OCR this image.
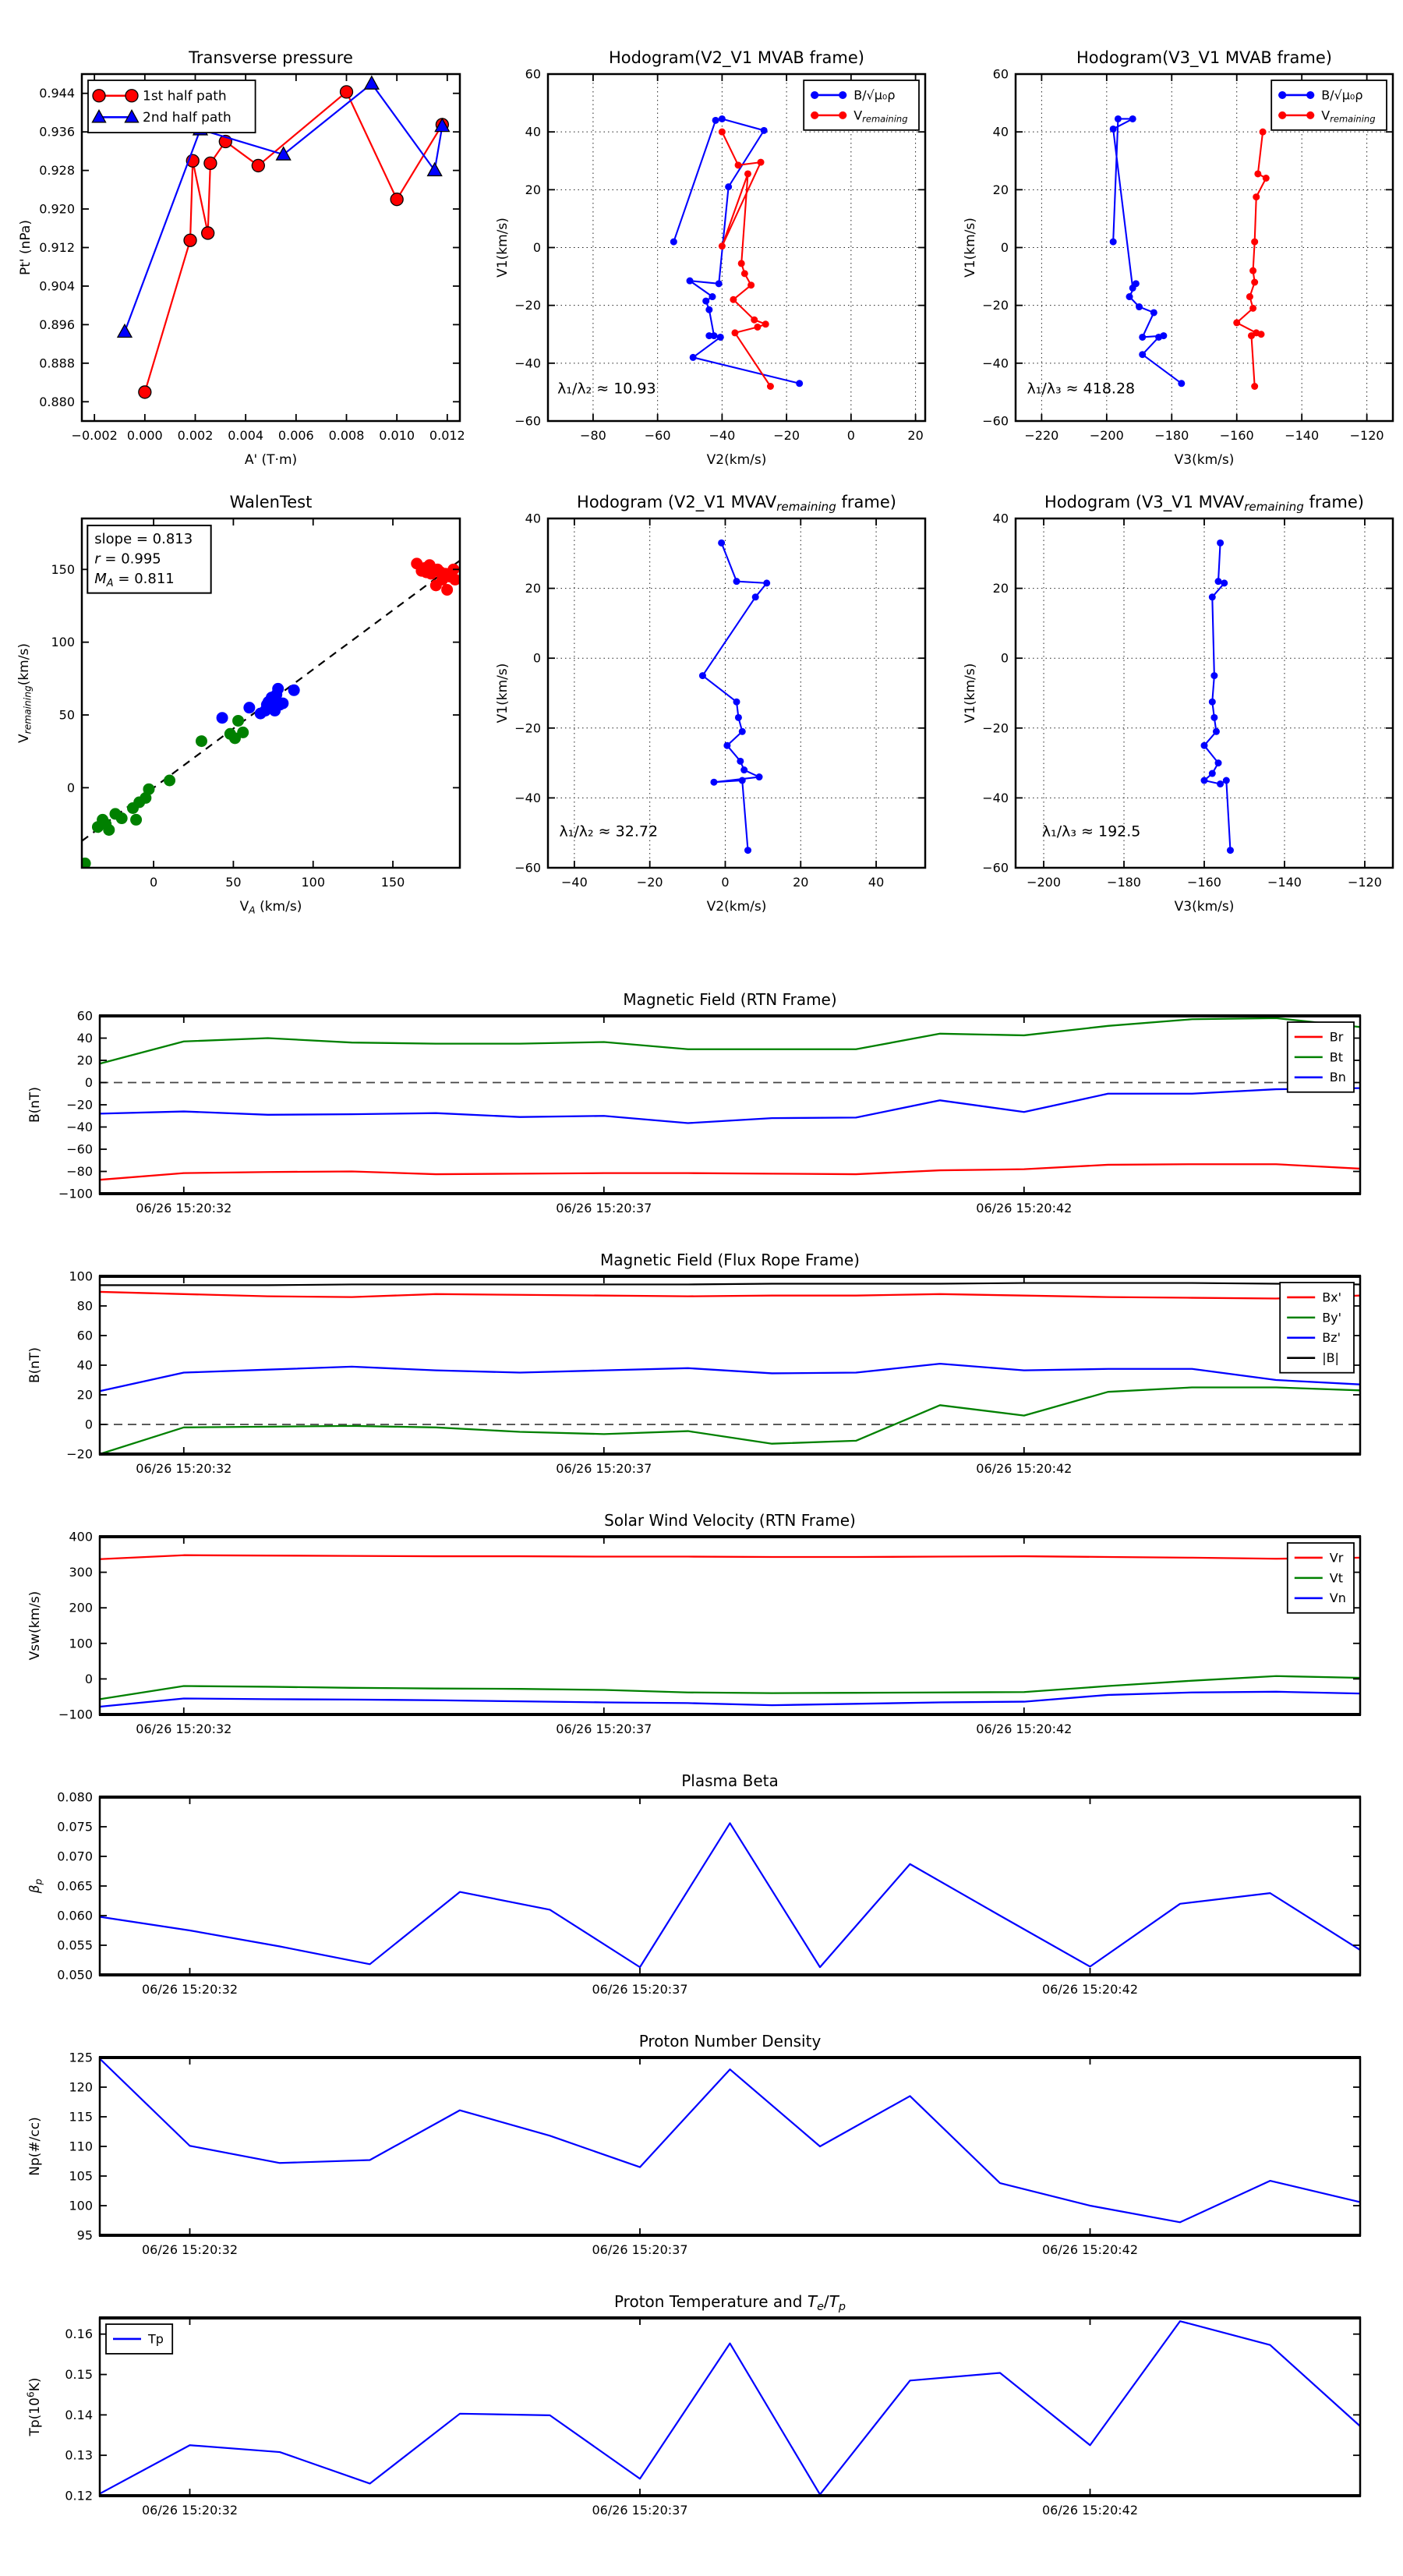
−0.002 0.000 0.002 0.004 0.006 0.008 0.010 0.012
0.880
0.888
0.896
0.904
0.912
0.920
0.928
0.936
0.944
Transverse pressure
A' (T·m)
Pt' (nPa)
1st half path
2nd half path
−80	−60	−40	−20	0	20
−60
−40
−20
0
20
40
60
Hodogram(V2_V1 MVAB frame)
V2(km/s)
V1(km/s)
B/√μ₀ρ
$V_{remaining}$
λ₁/λ₂ ≈ 10.93
−220 −200 −180 −160 −140 −120
−60
−40
−20
0
20
40
60
Hodogram(V3_V1 MVAB frame)
V3(km/s)
V1(km/s)
B/√μ₀ρ
$V_{remaining}$
λ₁/λ₃ ≈ 418.28
0	50	100	150
0
50
100
150
WalenTest
$V_A$ (km/s)
$V_{remaining}(km/s)$
slope = 0.813
r = 0.995
$M_A = 0.811$
−40	−20	0	20	40
−60
−40
−20
0
20
40
Hodogram (V2_V1 $MVAV_{remaining}$ frame)
V2(km/s)
V1(km/s)
λ₁/λ₂ ≈ 32.72
−200	−180	−160	−140	−120
−60
−40
−20
0
20
40
Hodogram (V3_V1 $MVAV_{remaining}$ frame)
V3(km/s)
V1(km/s)
λ₁/λ₃ ≈ 192.5
06/26 15:20:32	06/26 15:20:37	06/26 15:20:42
−100
−80
−60
−40
−20
0
20
40
60
Magnetic Field (RTN Frame)
B(nT)
Br
Bt
Bn
06/26 15:20:32	06/26 15:20:37	06/26 15:20:42
−20
0
20
40
60
80
100
Magnetic Field (Flux Rope Frame)
B(nT)
Bx'
By'
Bz'
|B|
06/26 15:20:32	06/26 15:20:37	06/26 15:20:42
−100
0
100
200
300
400
Solar Wind Velocity (RTN Frame)
Vsw(km/s)
Vr
Vt
Vn
06/26 15:20:32	06/26 15:20:37	06/26 15:20:42
0.050
0.055
0.060
0.065
0.070
0.075
0.080
Plasma Beta
$\beta_p$
06/26 15:20:32	06/26 15:20:37	06/26 15:20:42
95
100
105
110
115
120
125
Proton Number Density
Np(#/cc)
06/26 15:20:32	06/26 15:20:37	06/26 15:20:42
0.12
0.13
0.14
0.15
0.16
Proton Temperature and $T_e/T_p$
$Tp(10^6K)$
Tp
